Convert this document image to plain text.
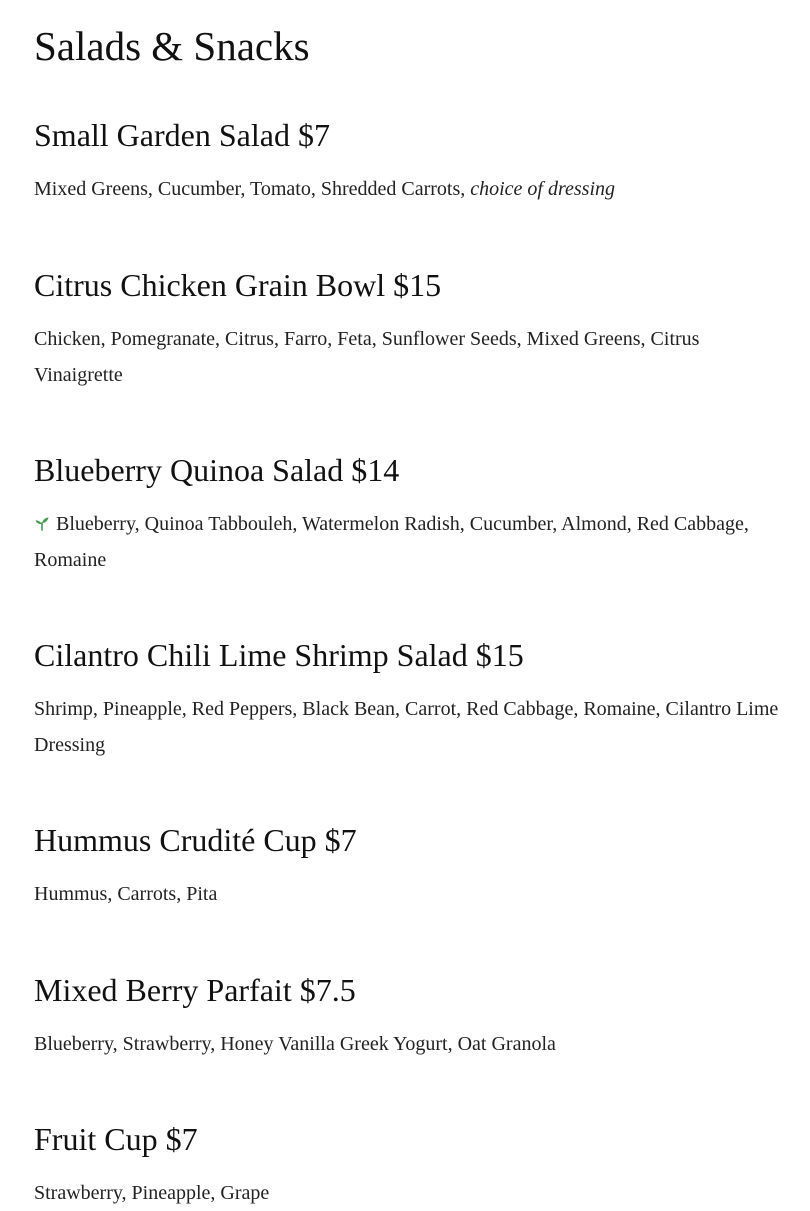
Salads & Snacks
Small Garden Salad $7

Mixed Greens, Cucumber, Tomato, Shredded Carrots, choice of dressing

Citrus Chicken Grain Bowl $15

Chicken, Pomegranate, Citrus, Farro, Feta, Sunflower Seeds, Mixed Greens, Citrus Vinaigrette

Blueberry Quinoa Salad $14

Blueberry, Quinoa Tabbouleh, Watermelon Radish, Cucumber, Almond, Red Cabbage, Romaine

Cilantro Chili Lime Shrimp Salad $15

Shrimp, Pineapple, Red Peppers, Black Bean, Carrot, Red Cabbage, Romaine, Cilantro Lime Dressing

Hummus Crudité Cup $7

Hummus, Carrots, Pita

Mixed Berry Parfait $7.5

Blueberry, Strawberry, Honey Vanilla Greek Yogurt, Oat Granola

Fruit Cup $7

Strawberry, Pineapple, Grape
